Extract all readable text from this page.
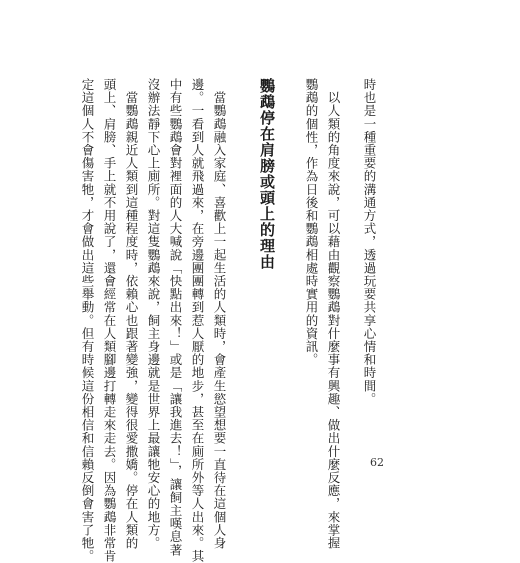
時也是一種重要的溝通方式，透過玩要共享心情和時間。
　以人類的角度來說，可以藉由觀察鸚鵡對什麼事有興趣、做出什麼反應，來掌握
鸚鵡的個性，作為日後和鸚鵡相處時實用的資訊。
鸚鵡停在肩膀或頭上的理由
　當鸚鵡融入家庭、喜歡上一起生活的人類時，會產生慾望想要一直待在這個人身
邊。一看到人就飛過來，在旁邊團團轉到惹人厭的地步，甚至在廁所外等人出來。其
中有些鸚鵡會對裡面的人大喊說「快點出來！」或是「讓我進去！」，讓飼主嘆息著
沒辦法靜下心上廁所。對這隻鸚鵡來說，飼主身邊就是世界上最讓牠安心的地方。
　當鸚鵡親近人類到這種程度時，依賴心也跟著變強，變得很愛撒嬌。停在人類的
頭上、肩膀、手上就不用說了，還會經常在人類腳邊打轉走來走去。因為鸚鵡非常肯
定這個人不會傷害牠，才會做出這些舉動。但有時候這份相信和信賴反倒會害了牠。	62
